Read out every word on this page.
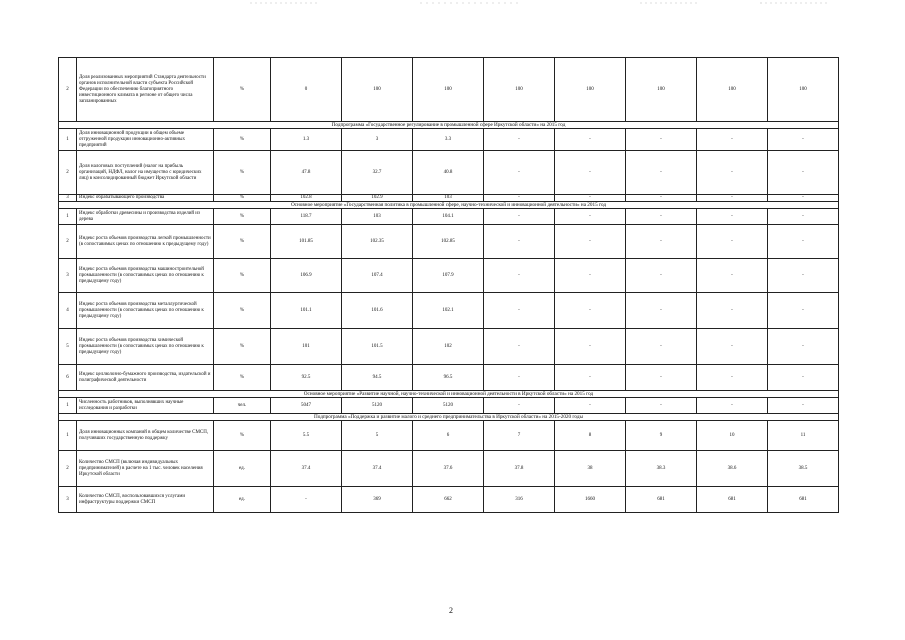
2	Доля реализованных мероприятий Стандарта деятельности органов исполнительной власти субъекта Российской Федерации по обеспечению благоприятного инвестиционного климата в регионе от общего числа запланированных	%	0	100	100	100	100	100	100	100
Подпрограмма «Государственное регулирование в промышленной сфере Иркутской области» на 2015 год										
1	Доля инновационной продукции в общем объеме отгруженной продукции инновационно-активных предприятий	%	1.3	3	3.3	-	-	-	-	-
2	Доля налоговых поступлений (налог на прибыль организаций, НДФЛ, налог на имущество с юридических лиц) в консолидированный бюджет Иркутской области	%	47.8	32.7	40.8	-	-	-	-	-
3	Индекс обрабатывающего производства	%	102.8	102.9	103	-	-	-	-	-
Основное мероприятие «Государственная политика в промышленной сфере, научно-технической и инновационной деятельности» на 2015 год										
1	Индекс обработки древесины и производства изделий из дерева	%	118.7	103	104.1	-	-	-	-	-
2	Индекс роста объемов производства легкой промышленности (в сопоставимых ценах по отношению к предыдущему году)	%	101.85	102.35	102.85	-	-	-	-	-
3	Индекс роста объемов производства машиностроительной промышленности (в сопоставимых ценах по отношению к предыдущему году)	%	106.9	107.4	107.9	-	-	-	-	-
4	Индекс роста объемов производства металлургической промышленности (в сопоставимых ценах по отношению к предыдущему году)	%	101.1	101.6	102.1	-	-	-	-	-
5	Индекс роста объемов производства химической промышленности (в сопоставимых ценах по отношению к предыдущему году)	%	101	101.5	102	-	-	-	-	-
6	Индекс целлюлозно-бумажного производства, издательской и полиграфической деятельности	%	92.5	94.5	96.5	-	-	-	-	-
Основное мероприятие «Развитие научной, научно-технической и инновационной деятельности в Иркутской области» на 2015 год										
1	Численность работников, выполнявших научные исследования и разработки	чел.	5047	5120	5120	-	-	-	-	-
Подпрограмма «Поддержка и развитие малого и среднего предпринимательства в Иркутской области» на 2015-2020 годы										
1	Доля инновационных компаний в общем количестве СМСП, получивших государственную поддержку	%	5.5	5	6	7	8	9	10	11
2	Количество СМСП (включая индивидуальных предпринимателей) в расчете на 1 тыс. человек населения Иркутской области	ед.	37.4	37.4	37.6	37.8	38	38.3	38.6	38.5
3	Количество СМСП, воспользовавшихся услугами инфраструктуры поддержки СМСП	ед.	-	369	662	316	1660	681	681	681
2
